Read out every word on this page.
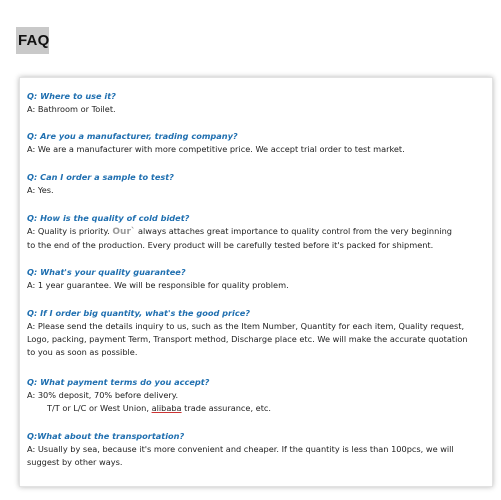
FAQ
Q: Where to use it?
A: Bathroom or Toilet.
Q: Are you a manufacturer, trading company?
A: We are a manufacturer with more competitive price. We accept trial order to test market.
Q: Can I order a sample to test?
A: Yes.
Q: How is the quality of cold bidet?
A: Quality is priority. Our` always attaches great importance to quality control from the very beginning
to the end of the production. Every product will be carefully tested before it's packed for shipment.
Q: What's your quality guarantee?
A: 1 year guarantee. We will be responsible for quality problem.
Q: If I order big quantity, what's the good price?
A: Please send the details inquiry to us, such as the Item Number, Quantity for each item, Quality request,
Logo, packing, payment Term, Transport method, Discharge place etc. We will make the accurate quotation
to you as soon as possible.
Q: What payment terms do you accept?
A: 30% deposit, 70% before delivery.
T/T or L/C or West Union, alibaba trade assurance, etc.
Q:What about the transportation?
A: Usually by sea, because it's more convenient and cheaper. If the quantity is less than 100pcs, we will
suggest by other ways.
